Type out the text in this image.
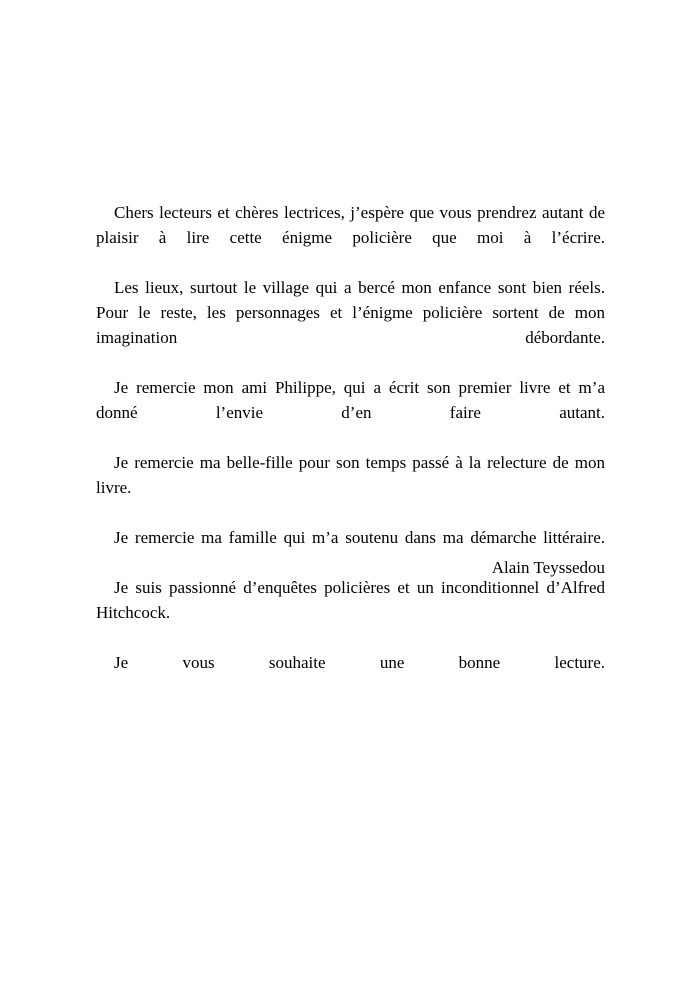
Chers lecteurs et chères lectrices, j’espère que vous prendrez autant de plaisir à lire cette énigme policière que moi à l’écrire.

Les lieux, surtout le village qui a bercé mon enfance sont bien réels. Pour le reste, les personnages et l’énigme policière sortent de mon imagination débordante.

Je remercie mon ami Philippe, qui a écrit son premier livre et m’a donné l’envie d’en faire autant.

Je remercie ma belle-fille pour son temps passé à la relecture de mon livre.

Je remercie ma famille qui m’a soutenu dans ma démarche littéraire.

Je suis passionné d’enquêtes policières et un inconditionnel d’Alfred Hitchcock.

Je vous souhaite une bonne lecture.

Alain Teyssedou
